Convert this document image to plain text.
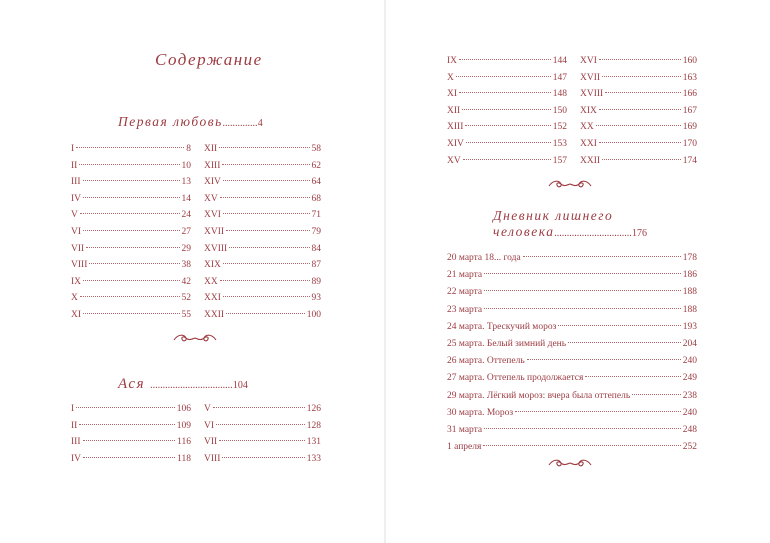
Содержание
Первая любовь..............4
I	8
II	10
III	13
IV	14
V	24
VI	27
VII	29
VIII	38
IX	42
X	52
XI	55
XII	58
XIII	62
XIV	64
XV	68
XVI	71
XVII	79
XVIII	84
XIX	87
XX	89
XXI	93
XXII	100
Ася .................................104
I	106
II	109
III	116
IV	118
V	126
VI	128
VII	131
VIII	133
IX	144
X	147
XI	148
XII	150
XIII	152
XIV	153
XV	157
XVI	160
XVII	163
XVIII	166
XIX	167
XX	169
XXI	170
XXII	174
Дневник лишнего
человека...............................176
20 марта 18... года	178
21 марта	186
22 марта	188
23 марта	188
24 марта. Трескучий мороз	193
25 марта. Белый зимний день	204
26 марта. Оттепель	240
27 марта. Оттепель продолжается	249
29 марта. Лёгкий мороз: вчера была оттепель	238
30 марта. Мороз	240
31 марта	248
1 апреля	252
